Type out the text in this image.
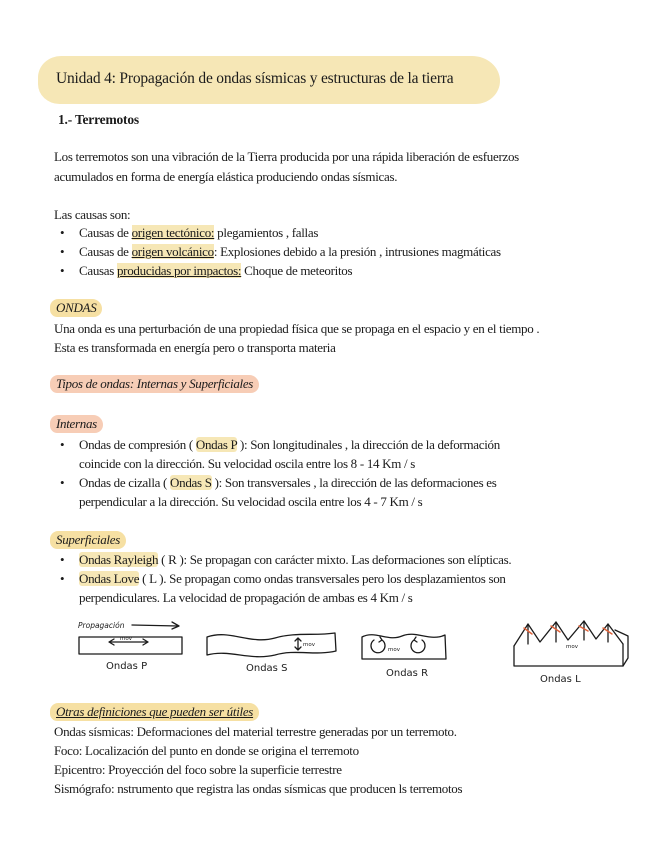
Unidad 4: Propagación de ondas sísmicas y estructuras de la tierra
1.- Terremotos
Los terremotos son una vibración de la Tierra producida por una rápida liberación de esfuerzos
acumulados en forma de energía elástica produciendo ondas sísmicas.
Las causas son:
• Causas de origen tectónico: plegamientos , fallas
• Causas de origen volcánico: Explosiones debido a la presión , intrusiones magmáticas
• Causas producidas por impactos: Choque de meteoritos
ONDAS
Una onda es una perturbación de una propiedad física que se propaga en el espacio y en el tiempo .
Esta es transformada en energía pero o transporta materia
Tipos de ondas: Internas y Superficiales
Internas
• Ondas de compresión ( Ondas P ): Son longitudinales , la dirección de la deformación
coincide con la dirección. Su velocidad oscila entre los 8 - 14 Km / s
• Ondas de cizalla ( Ondas S ): Son transversales , la dirección de las deformaciones es
perpendicular a la dirección. Su velocidad oscila entre los 4 - 7 Km / s
Superficiales
• Ondas Rayleigh ( R ): Se propagan con carácter mixto. Las deformaciones son elípticas.
• Ondas Love ( L ). Se propagan como ondas transversales pero los desplazamientos son
perpendiculares. La velocidad de propagación de ambas es 4 Km / s
Propagación
mov
Ondas P
mov
Ondas S
mov
Ondas R
mov
Ondas L
Otras definiciones que pueden ser útiles
Ondas sísmicas: Deformaciones del material terrestre generadas por un terremoto.
Foco: Localización del punto en donde se origina el terremoto
Epicentro: Proyección del foco sobre la superficie terrestre
Sismógrafo: nstrumento que registra las ondas sísmicas que producen ls terremotos
